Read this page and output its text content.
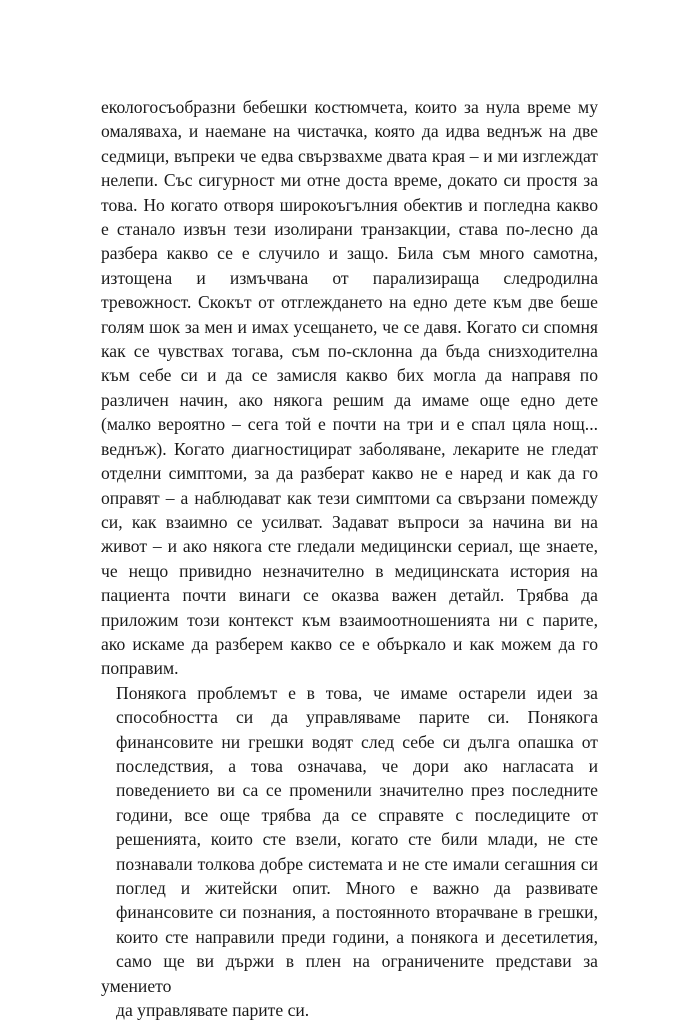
екологосъобразни бебешки костюмчета, които за нула време му
омаляваха, и наемане на чистачка, която да идва веднъж на две
седмици, въпреки че едва свързвахме двата края – и ми изглеждат
нелепи. Със сигурност ми отне доста време, докато си простя за
това. Но когато отворя широкоъгълния обектив и погледна какво
е станало извън тези изолирани транзакции, става по-лесно да
разбера какво се е случило и защо. Била съм много самотна,
изтощена и измъчвана от парализираща следродилна
тревожност. Скокът от отглеждането на едно дете към две беше
голям шок за мен и имах усещането, че се давя. Когато си спомня
как се чувствах тогава, съм по-склонна да бъда снизходителна
към себе си и да се замисля какво бих могла да направя по
различен начин, ако някога решим да имаме още едно дете
(малко вероятно – сега той е почти на три и е спал цяла нощ...
веднъж). Когато диагностицират заболяване, лекарите не гледат
отделни симптоми, за да разберат какво не е наред и как да го
оправят – а наблюдават как тези симптоми са свързани помежду
си, как взаимно се усилват. Задават въпроси за начина ви на
живот – и ако някога сте гледали медицински сериал, ще знаете,
че нещо привидно незначително в медицинската история на
пациента почти винаги се оказва важен детайл. Трябва да
приложим този контекст към взаимоотношенията ни с парите,
ако искаме да разберем какво се е объркало и как можем да го
поправим.

Понякога проблемът е в това, че имаме остарели идеи за
способността си да управляваме парите си. Понякога
финансовите ни грешки водят след себе си дълга опашка от
последствия, а това означава, че дори ако нагласата и
поведението ви са се променили значително през последните
години, все още трябва да се справяте с последиците от
решенията, които сте взели, когато сте били млади, не сте
познавали толкова добре системата и не сте имали сегашния си
поглед и житейски опит. Много е важно да развивате
финансовите си познания, а постоянното вторачване в грешки,
които сте направили преди години, а понякога и десетилетия,
само ще ви държи в плен на ограничените представи за умението
да управлявате парите си.
